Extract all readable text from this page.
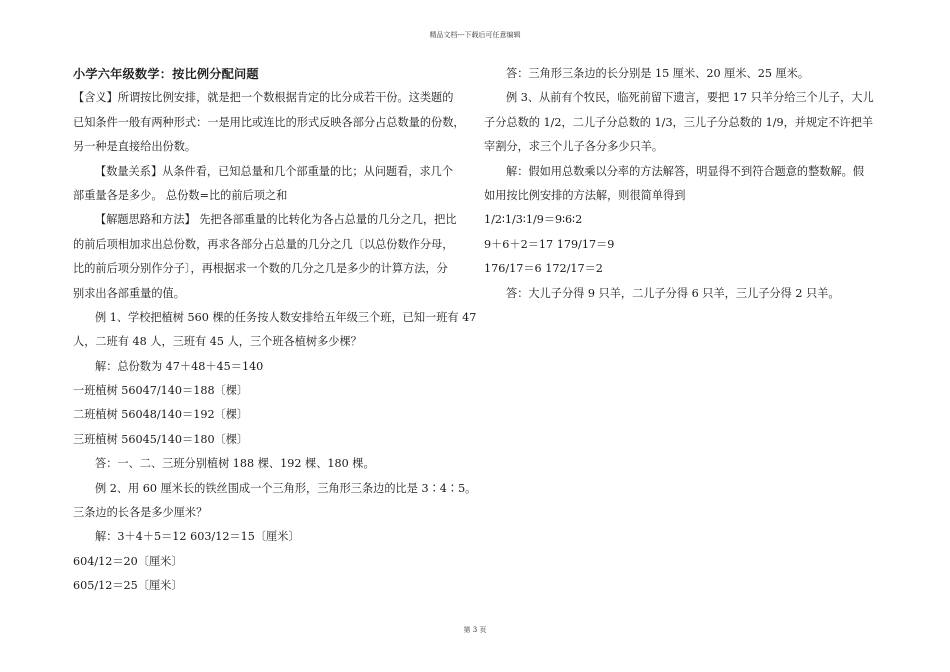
精品文档---下载后可任意编辑
小学六年级数学：按比例分配问题
【含义】所谓按比例安排，就是把一个数根据肯定的比分成若干份。这类题的
已知条件一般有两种形式：一是用比或连比的形式反映各部分占总数量的份数，
另一种是直接给出份数。
【数量关系】从条件看，已知总量和几个部重量的比；从问题看，求几个
部重量各是多少。 总份数=比的前后项之和
【解题思路和方法】 先把各部重量的比转化为各占总量的几分之几，把比
的前后项相加求出总份数，再求各部分占总量的几分之几〔以总份数作分母，
比的前后项分别作分子〕，再根据求一个数的几分之几是多少的计算方法，分
别求出各部重量的值。
例 1、学校把植树 560 棵的任务按人数安排给五年级三个班，已知一班有 47
人，二班有 48 人，三班有 45 人，三个班各植树多少棵？
解：总份数为 47＋48＋45＝140
一班植树 56047/140＝188〔棵〕
二班植树 56048/140＝192〔棵〕
三班植树 56045/140＝180〔棵〕
答：一、二、三班分别植树 188 棵、192 棵、180 棵。
例 2、用 60 厘米长的铁丝围成一个三角形，三角形三条边的比是 3∶4∶5。
三条边的长各是多少厘米？
解：3＋4＋5＝12 603/12＝15〔厘米〕
604/12＝20〔厘米〕
605/12＝25〔厘米〕
答：三角形三条边的长分别是 15 厘米、20 厘米、25 厘米。
例 3、从前有个牧民，临死前留下遗言，要把 17 只羊分给三个儿子，大儿
子分总数的 1/2，二儿子分总数的 1/3，三儿子分总数的 1/9，并规定不许把羊
宰割分，求三个儿子各分多少只羊。
解：假如用总数乘以分率的方法解答，明显得不到符合题意的整数解。假
如用按比例安排的方法解，则很简单得到
1/2∶1/3∶1/9＝9∶6∶2
9＋6＋2＝17 179/17＝9
176/17＝6 172/17＝2
答：大儿子分得 9 只羊，二儿子分得 6 只羊，三儿子分得 2 只羊。
第 3 页
